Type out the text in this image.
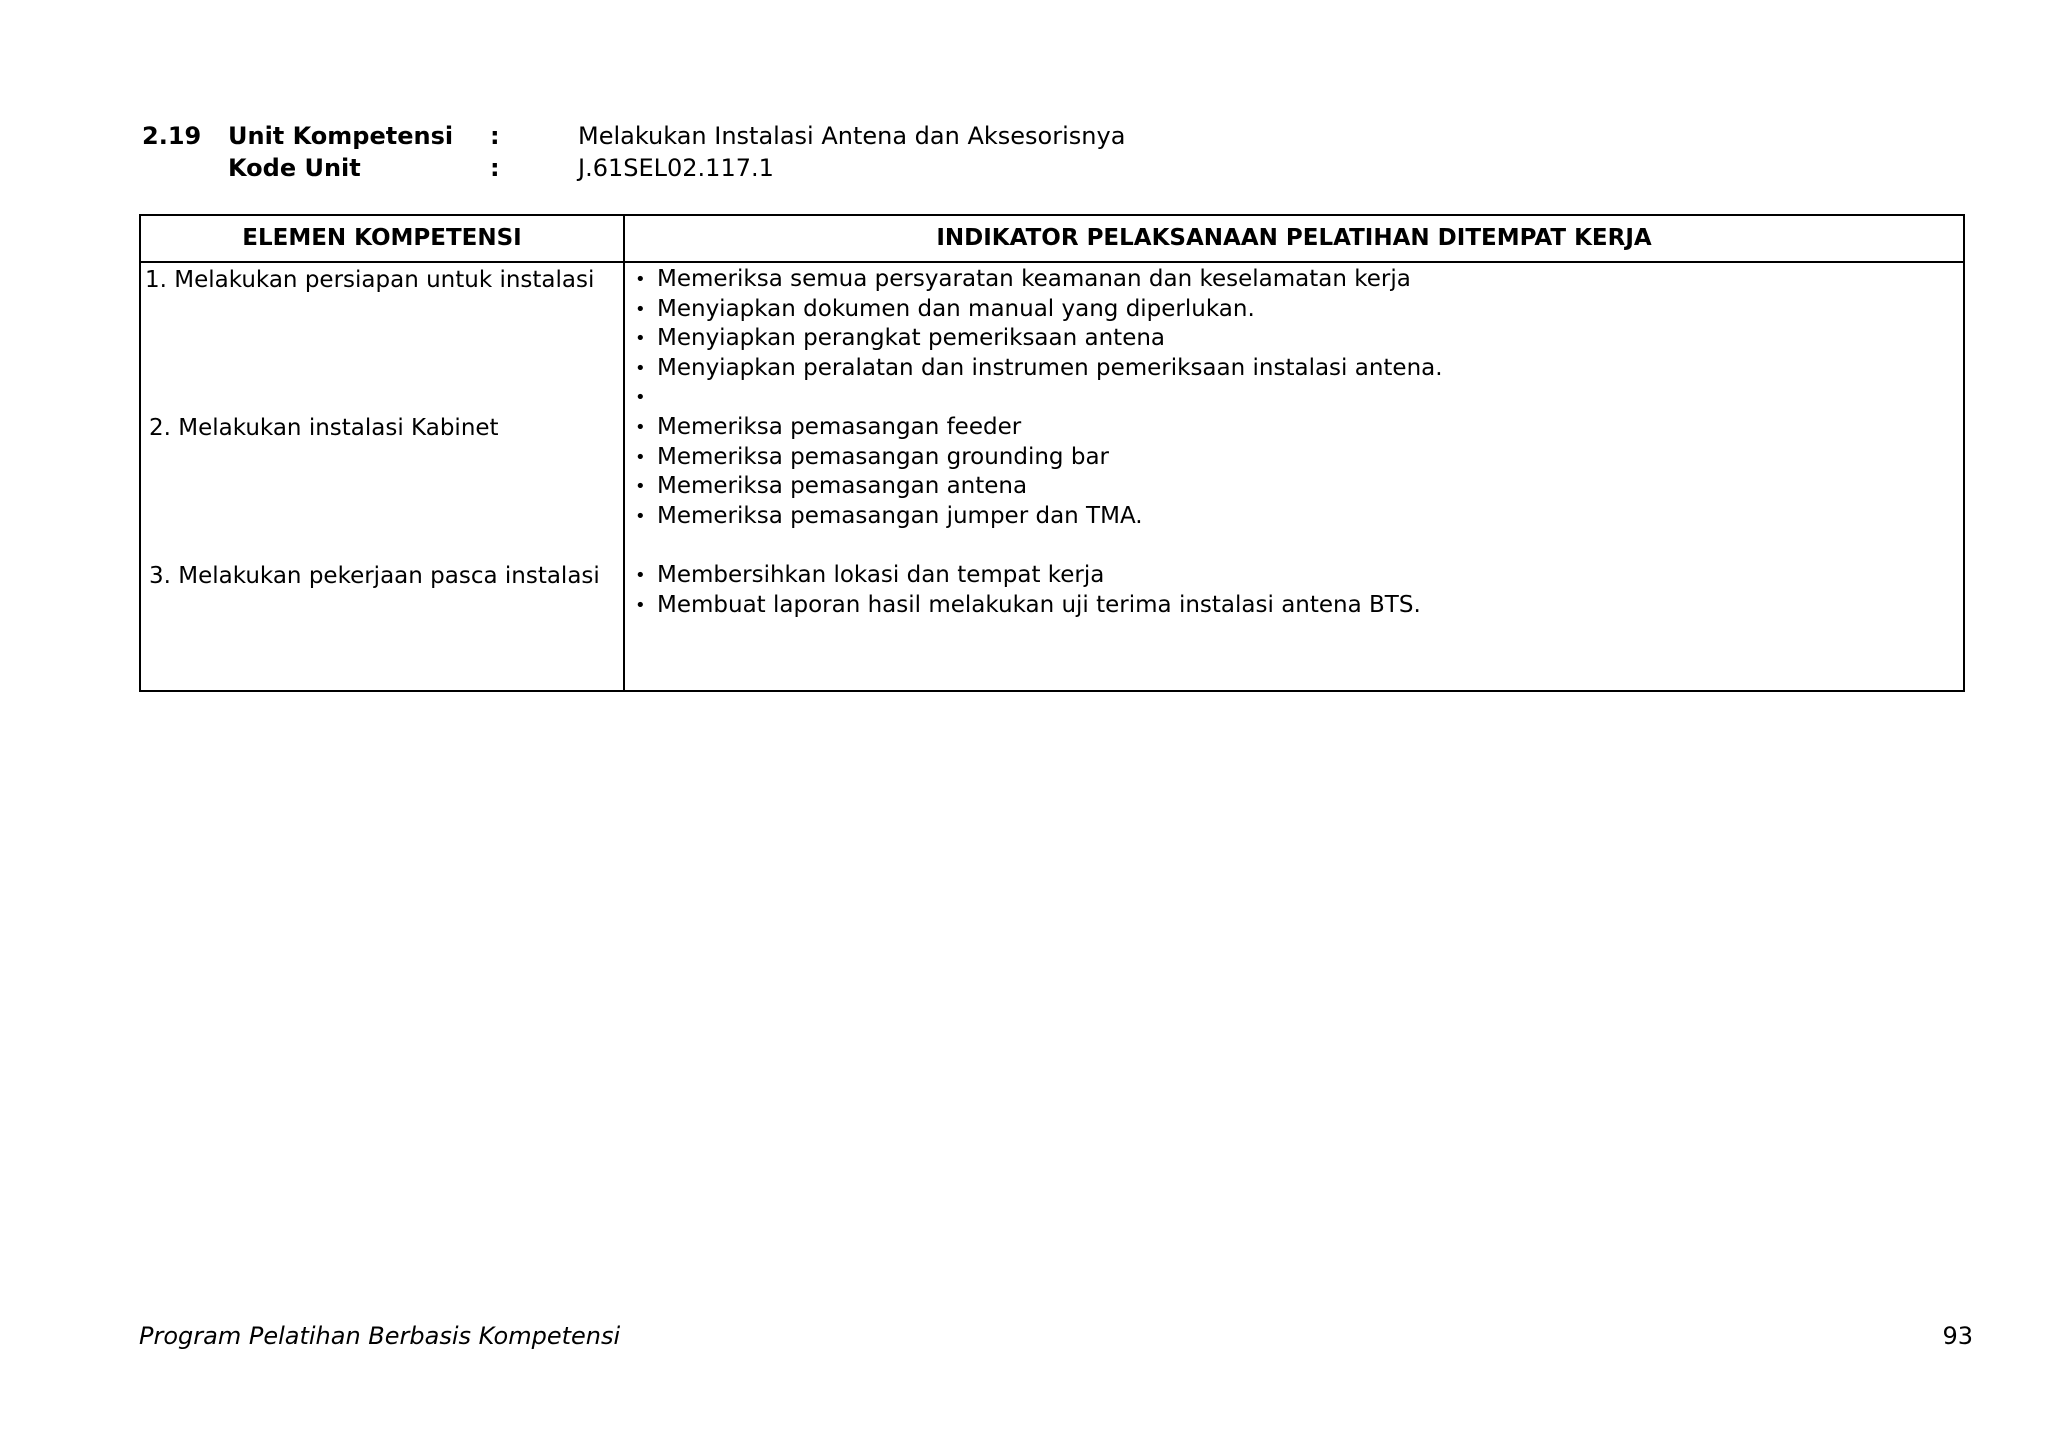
2.19 Unit Kompetensi :	Melakukan Instalasi Antena dan Aksesorisnya
Kode Unit	:	J.61SEL02.117.1
ELEMEN KOMPETENSI	INDIKATOR PELAKSANAAN PELATIHAN DITEMPAT KERJA
1. Melakukan persiapan untuk instalasi • Memeriksa semua persyaratan keamanan dan keselamatan kerja
• Menyiapkan dokumen dan manual yang diperlukan.
• Menyiapkan perangkat pemeriksaan antena
• Menyiapkan peralatan dan instrumen pemeriksaan instalasi antena.
•
2. Melakukan instalasi Kabinet	• Memeriksa pemasangan feeder
• Memeriksa pemasangan grounding bar
• Memeriksa pemasangan antena
• Memeriksa pemasangan jumper dan TMA.
3. Melakukan pekerjaan pasca instalasi • Membersihkan lokasi dan tempat kerja
• Membuat laporan hasil melakukan uji terima instalasi antena BTS.
Program Pelatihan Berbasis Kompetensi	93
